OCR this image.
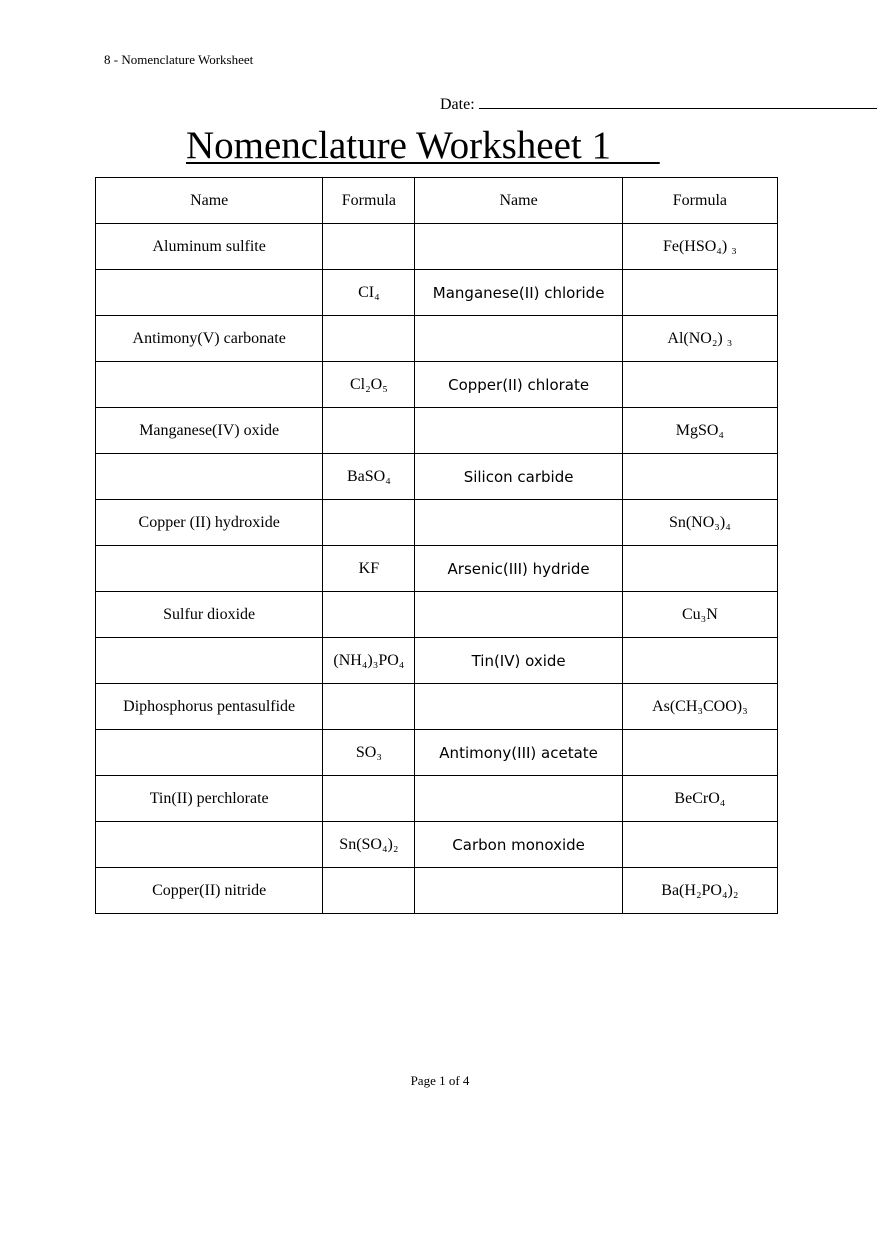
8 - Nomenclature Worksheet
Date:
Nomenclature Worksheet 1
Name	Formula	Name	Formula
Aluminum sulfite			Fe(HSO₄) ₃
	CI₄	Manganese(II) chloride	
Antimony(V) carbonate			Al(NO₂) ₃
	Cl₂O₅	Copper(II) chlorate	
Manganese(IV) oxide			MgSO₄
	BaSO₄	Silicon carbide	
Copper (II) hydroxide			Sn(NO₃)₄
	KF	Arsenic(III) hydride	
Sulfur dioxide			Cu₃N
	(NH₄)₃PO₄	Tin(IV) oxide	
Diphosphorus pentasulfide			As(CH₃COO)₃
	SO₃	Antimony(III) acetate	
Tin(II) perchlorate			BeCrO₄
	Sn(SO₄)₂	Carbon monoxide	
Copper(II) nitride			Ba(H₂PO₄)₂
Page 1 of 4
